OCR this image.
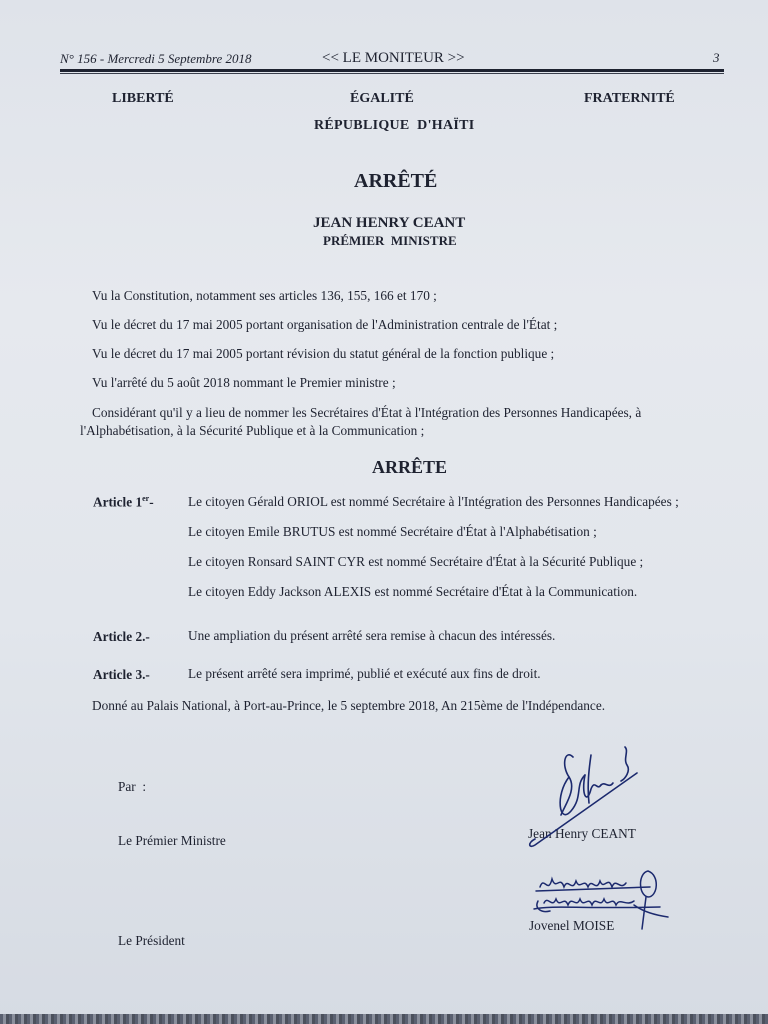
N° 156 - Mercredi 5 Septembre 2018	<< LE MONITEUR >>	3
LIBERTÉ	ÉGALITÉ	FRATERNITÉ
RÉPUBLIQUE  D'HAÏTI
ARRÊTÉ
JEAN HENRY CEANT
PRÉMIER  MINISTRE
Vu la Constitution, notamment ses articles 136, 155, 166 et 170 ;
Vu le décret du 17 mai 2005 portant organisation de l'Administration centrale de l'État ;
Vu le décret du 17 mai 2005 portant révision du statut général de la fonction publique ;
Vu l'arrêté du 5 août 2018 nommant le Premier ministre ;
Considérant qu'il y a lieu de nommer les Secrétaires d'État à l'Intégration des Personnes Handicapées, à
l'Alphabétisation, à la Sécurité Publique et à la Communication ;
ARRÊTE
Article 1er-	Le citoyen Gérald ORIOL est nommé Secrétaire à l'Intégration des Personnes Handicapées ;
Le citoyen Emile BRUTUS est nommé Secrétaire d'État à l'Alphabétisation ;
Le citoyen Ronsard SAINT CYR est nommé Secrétaire d'État à la Sécurité Publique ;
Le citoyen Eddy Jackson ALEXIS est nommé Secrétaire d'État à la Communication.
Article 2.-	Une ampliation du présent arrêté sera remise à chacun des intéressés.
Article 3.-	Le présent arrêté sera imprimé, publié et exécuté aux fins de droit.
Donné au Palais National, à Port-au-Prince, le 5 septembre 2018, An 215ème de l'Indépendance.
Par  :
Le Prémier Ministre	Jean Henry CEANT
Le Président
Jovenel MOISE
